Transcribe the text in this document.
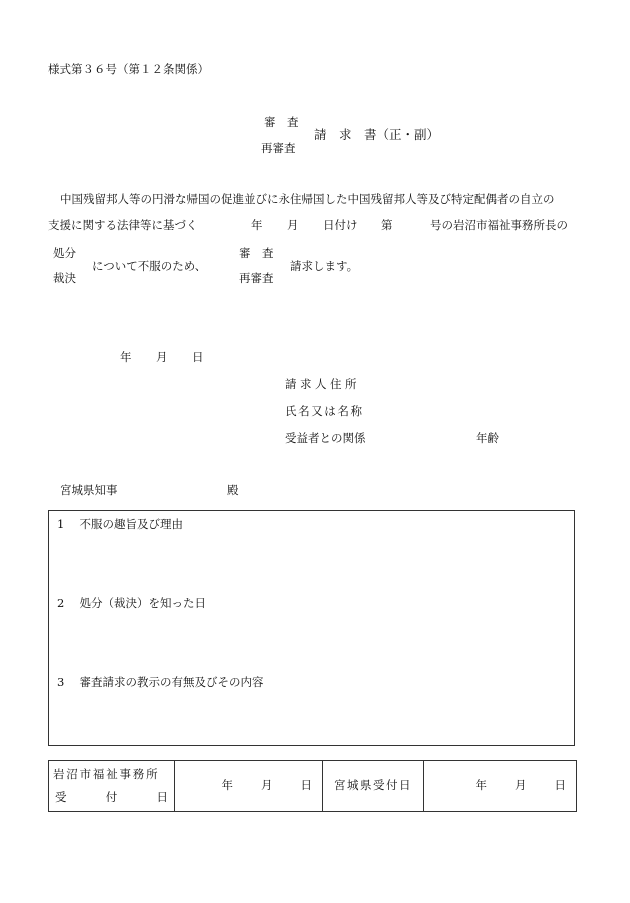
様式第３６号（第１２条関係）
審　査
再審査
請　求　書（正・副）
中国残留邦人等の円滑な帰国の促進並びに永住帰国した中国残留邦人等及び特定配偶者の自立の
支援に関する法律等に基づく	年 月 日付け 第	号の岩沼市福祉事務所長の
処分
裁決
について不服のため、
審　査
再審査
請求します。
年 月 日
請求人住所
氏名又は名称
受益者との関係	年齢
宮城県知事	殿
1　 不服の趣旨及び理由
2　 処分（裁決）を知った日
3　 審査請求の教示の有無及びその内容
岩沼市福祉事務所
受	付	日

年 月 日	宮城県受付日	年 月 日
